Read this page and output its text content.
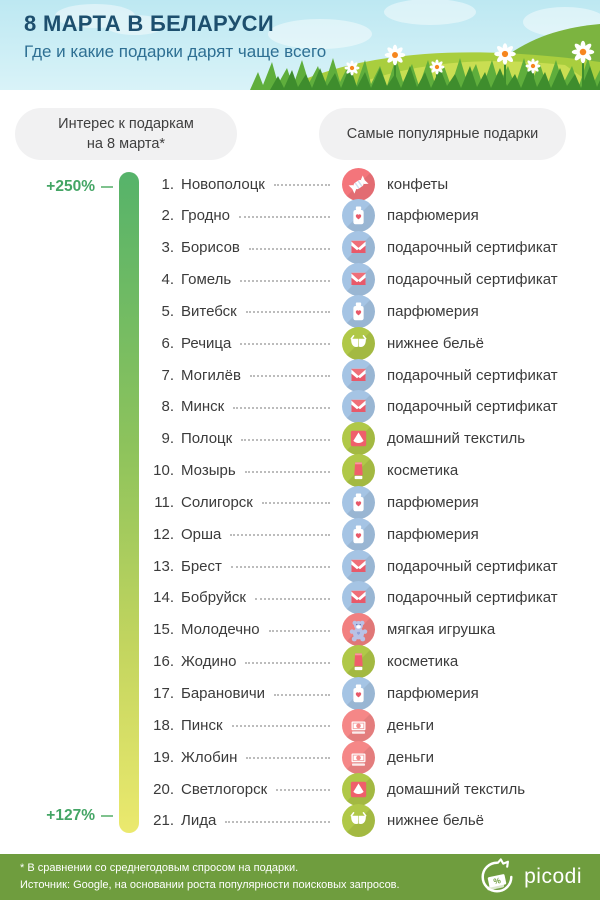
8 МАРТА В БЕЛАРУСИ

Где и какие подарки дарят чаще всего

Интерес к подаркам
на 8 марта*
Самые популярные подарки
+250%
+127%
1. Новополоцк	конфеты
2. Гродно	парфюмерия
3. Борисов	подарочный сертификат
4. Гомель	подарочный сертификат
5. Витебск	парфюмерия
6. Речица	нижнее бельё
7. Могилёв	подарочный сертификат
8. Минск	подарочный сертификат
9. Полоцк	домашний текстиль
10. Мозырь	косметика
11. Солигорск	парфюмерия
12. Орша	парфюмерия
13. Брест	подарочный сертификат
14. Бобруйск	подарочный сертификат
15. Молодечно	мягкая игрушка
16. Жодино	косметика
17. Барановичи	парфюмерия
18. Пинск	деньги
19. Жлобин	деньги
20. Светлогорск	домашний текстиль
21. Лида	нижнее бельё

* В сравнении со среднегодовым спросом на подарки.

Источник: Google, на основании роста популярности поисковых запросов.	% picodi
